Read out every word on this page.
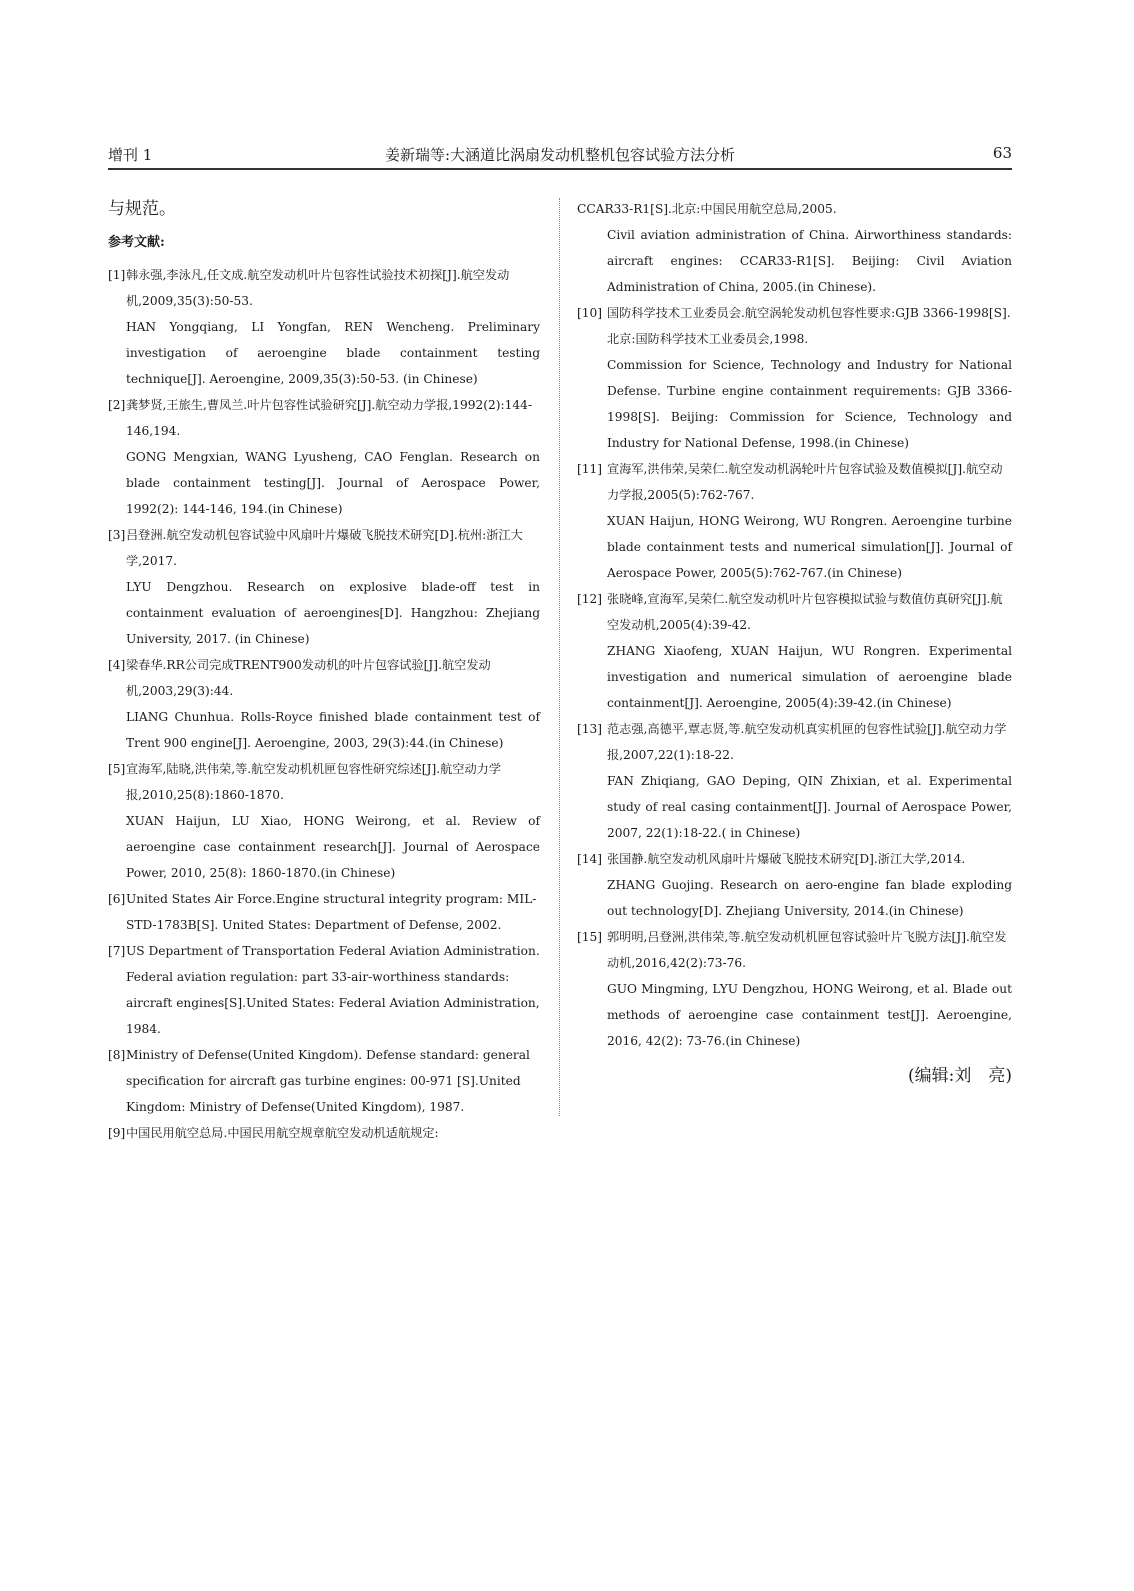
增刊 1	姜新瑞等:大涵道比涡扇发动机整机包容试验方法分析	63

与规范。

参考文献:

[1]韩永强,李泳凡,任文成.航空发动机叶片包容性试验技术初探[J].航空发动机,2009,35(3):50-53.
HAN Yongqiang, LI Yongfan, REN Wencheng. Preliminary investigation of aeroengine blade containment testing technique[J]. Aeroengine, 2009,35(3):50-53. (in Chinese)
[2]龚梦贤,王旅生,曹凤兰.叶片包容性试验研究[J].航空动力学报,1992(2):144-146,194.
GONG Mengxian, WANG Lyusheng, CAO Fenglan. Research on blade containment testing[J]. Journal of Aerospace Power, 1992(2): 144-146, 194.(in Chinese)
[3]吕登洲.航空发动机包容试验中风扇叶片爆破飞脱技术研究[D].杭州:浙江大学,2017.
LYU Dengzhou. Research on explosive blade-off test in containment evaluation of aeroengines[D]. Hangzhou: Zhejiang University, 2017. (in Chinese)
[4]梁春华.RR公司完成TRENT900发动机的叶片包容试验[J].航空发动机,2003,29(3):44.
LIANG Chunhua. Rolls-Royce finished blade containment test of Trent 900 engine[J]. Aeroengine, 2003, 29(3):44.(in Chinese)
[5]宣海军,陆晓,洪伟荣,等.航空发动机机匣包容性研究综述[J].航空动力学报,2010,25(8):1860-1870.
XUAN Haijun, LU Xiao, HONG Weirong, et al. Review of aeroengine case containment research[J]. Journal of Aerospace Power, 2010, 25(8): 1860-1870.(in Chinese)
[6]United States Air Force.Engine structural integrity program: MIL-STD-1783B[S]. United States: Department of Defense, 2002.
[7]US Department of Transportation Federal Aviation Administration. Federal aviation regulation: part 33-air-worthiness standards: aircraft engines[S].United States: Federal Aviation Administration, 1984.
[8]Ministry of Defense(United Kingdom). Defense standard: general specification for aircraft gas turbine engines: 00-971 [S].United Kingdom: Ministry of Defense(United Kingdom), 1987.
[9]中国民用航空总局.中国民用航空规章航空发动机适航规定:
CCAR33-R1[S].北京:中国民用航空总局,2005.
Civil aviation administration of China. Airworthiness standards: aircraft engines: CCAR33-R1[S]. Beijing: Civil Aviation Administration of China, 2005.(in Chinese).
[10] 国防科学技术工业委员会.航空涡轮发动机包容性要求:GJB 3366-1998[S].北京:国防科学技术工业委员会,1998.
Commission for Science, Technology and Industry for National Defense. Turbine engine containment requirements: GJB 3366-1998[S]. Beijing: Commission for Science, Technology and Industry for National Defense, 1998.(in Chinese)
[11] 宣海军,洪伟荣,吴荣仁.航空发动机涡轮叶片包容试验及数值模拟[J].航空动力学报,2005(5):762-767.
XUAN Haijun, HONG Weirong, WU Rongren. Aeroengine turbine blade containment tests and numerical simulation[J]. Journal of Aerospace Power, 2005(5):762-767.(in Chinese)
[12] 张晓峰,宣海军,吴荣仁.航空发动机叶片包容模拟试验与数值仿真研究[J].航空发动机,2005(4):39-42.
ZHANG Xiaofeng, XUAN Haijun, WU Rongren. Experimental investigation and numerical simulation of aeroengine blade containment[J]. Aeroengine, 2005(4):39-42.(in Chinese)
[13] 范志强,高德平,覃志贤,等.航空发动机真实机匣的包容性试验[J].航空动力学报,2007,22(1):18-22.
FAN Zhiqiang, GAO Deping, QIN Zhixian, et al. Experimental study of real casing containment[J]. Journal of Aerospace Power, 2007, 22(1):18-22.( in Chinese)
[14] 张国静.航空发动机风扇叶片爆破飞脱技术研究[D].浙江大学,2014.
ZHANG Guojing. Research on aero-engine fan blade exploding out technology[D]. Zhejiang University, 2014.(in Chinese)
[15] 郭明明,吕登洲,洪伟荣,等.航空发动机机匣包容试验叶片飞脱方法[J].航空发动机,2016,42(2):73-76.
GUO Mingming, LYU Dengzhou, HONG Weirong, et al. Blade out methods of aeroengine case containment test[J]. Aeroengine, 2016, 42(2): 73-76.(in Chinese)
(编辑:刘　亮)
